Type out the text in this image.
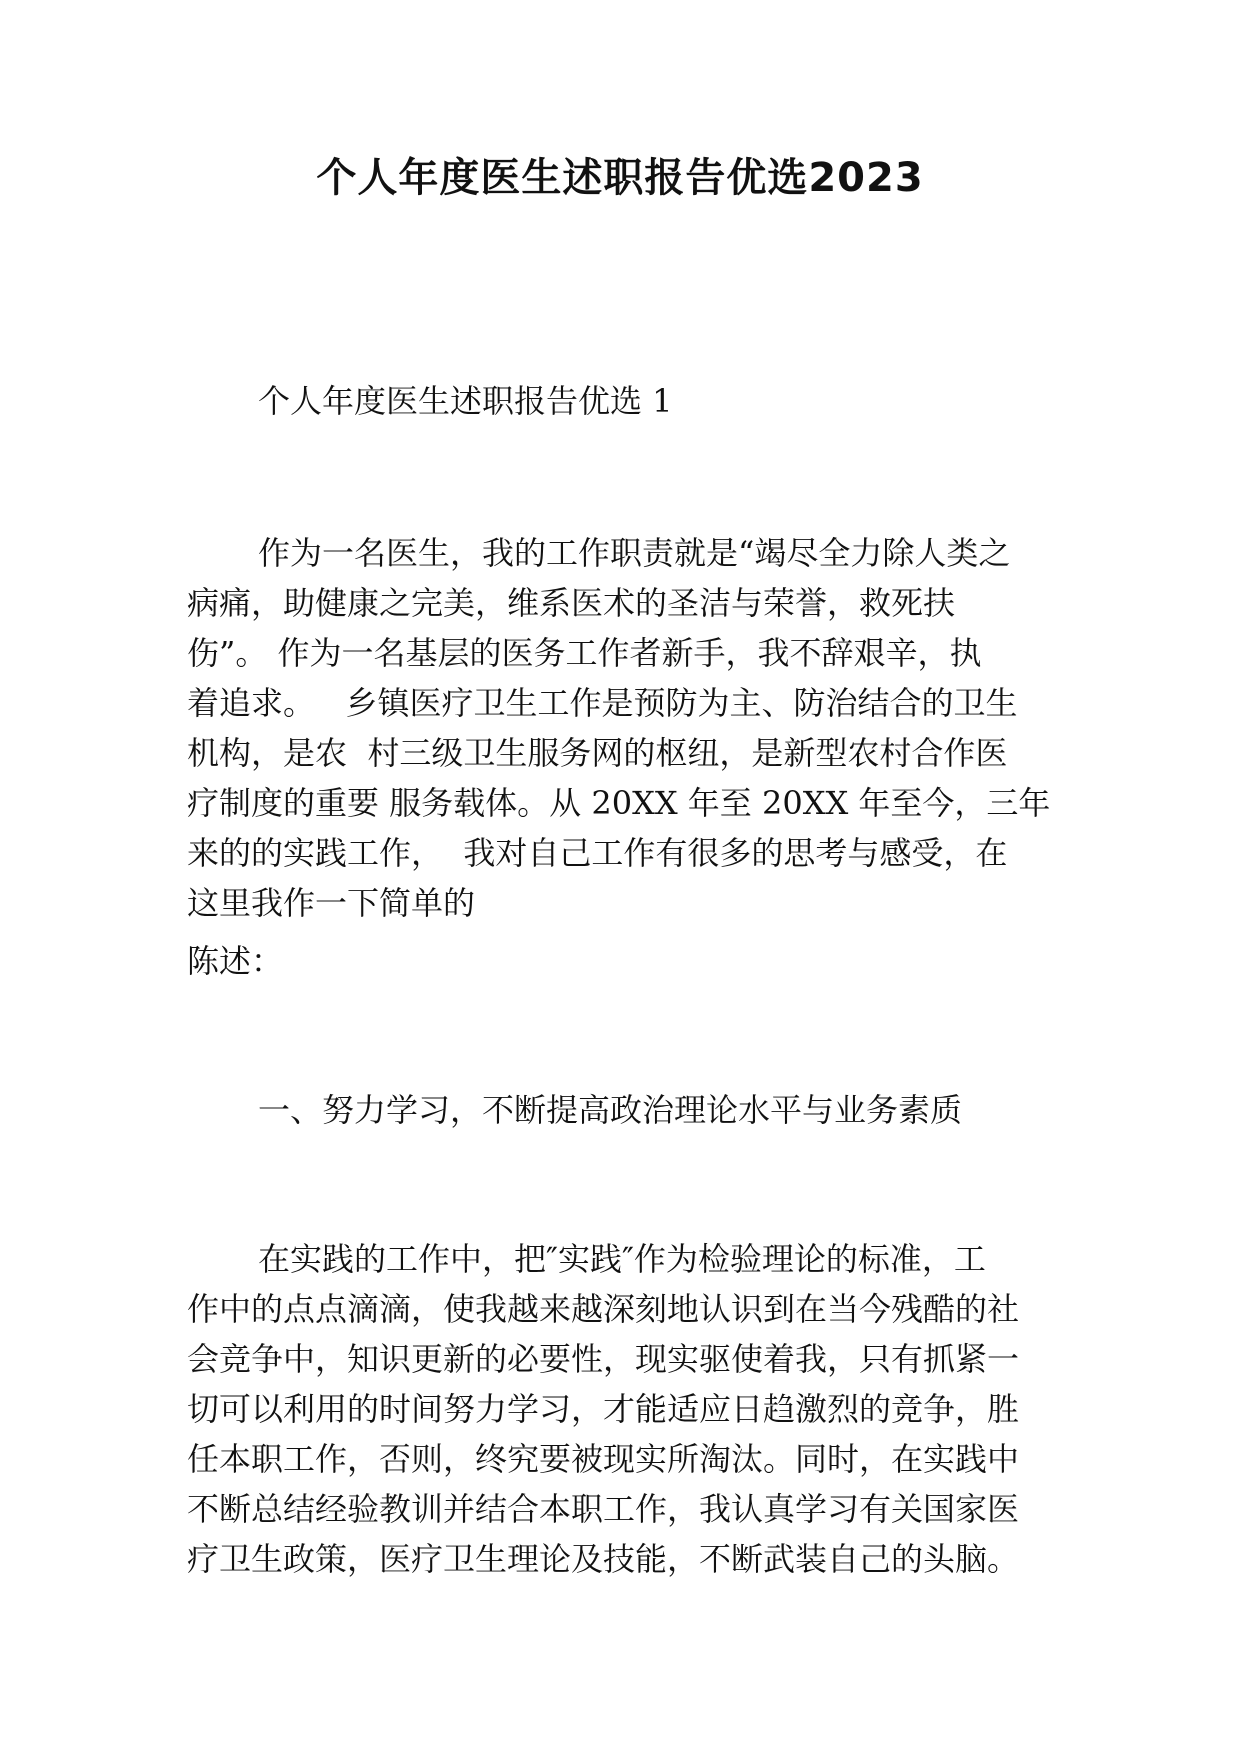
个人年度医生述职报告优选2023

个人年度医生述职报告优选 1

作为一名医生，我的工作职责就是“竭尽全力除人类之

病痛，助健康之完美，维系医术的圣洁与荣誉，救死扶

伤”。 作为一名基层的医务工作者新手，我不辞艰辛，执

着追求。   乡镇医疗卫生工作是预防为主、防治结合的卫生

机构，是农  村三级卫生服务网的枢纽，是新型农村合作医

疗制度的重要 服务载体。从 20XX 年至 20XX 年至今，三年

来的的实践工作，  我对自己工作有很多的思考与感受，在

这里我作一下简单的

陈述：

一、努力学习，不断提高政治理论水平与业务素质

在实践的工作中，把″实践″作为检验理论的标准，工

作中的点点滴滴，使我越来越深刻地认识到在当今残酷的社

会竞争中，知识更新的必要性，现实驱使着我，只有抓紧一

切可以利用的时间努力学习，才能适应日趋激烈的竞争，胜

任本职工作，否则，终究要被现实所淘汰。同时，在实践中

不断总结经验教训并结合本职工作，我认真学习有关国家医

疗卫生政策，医疗卫生理论及技能，不断武装自己的头脑。
